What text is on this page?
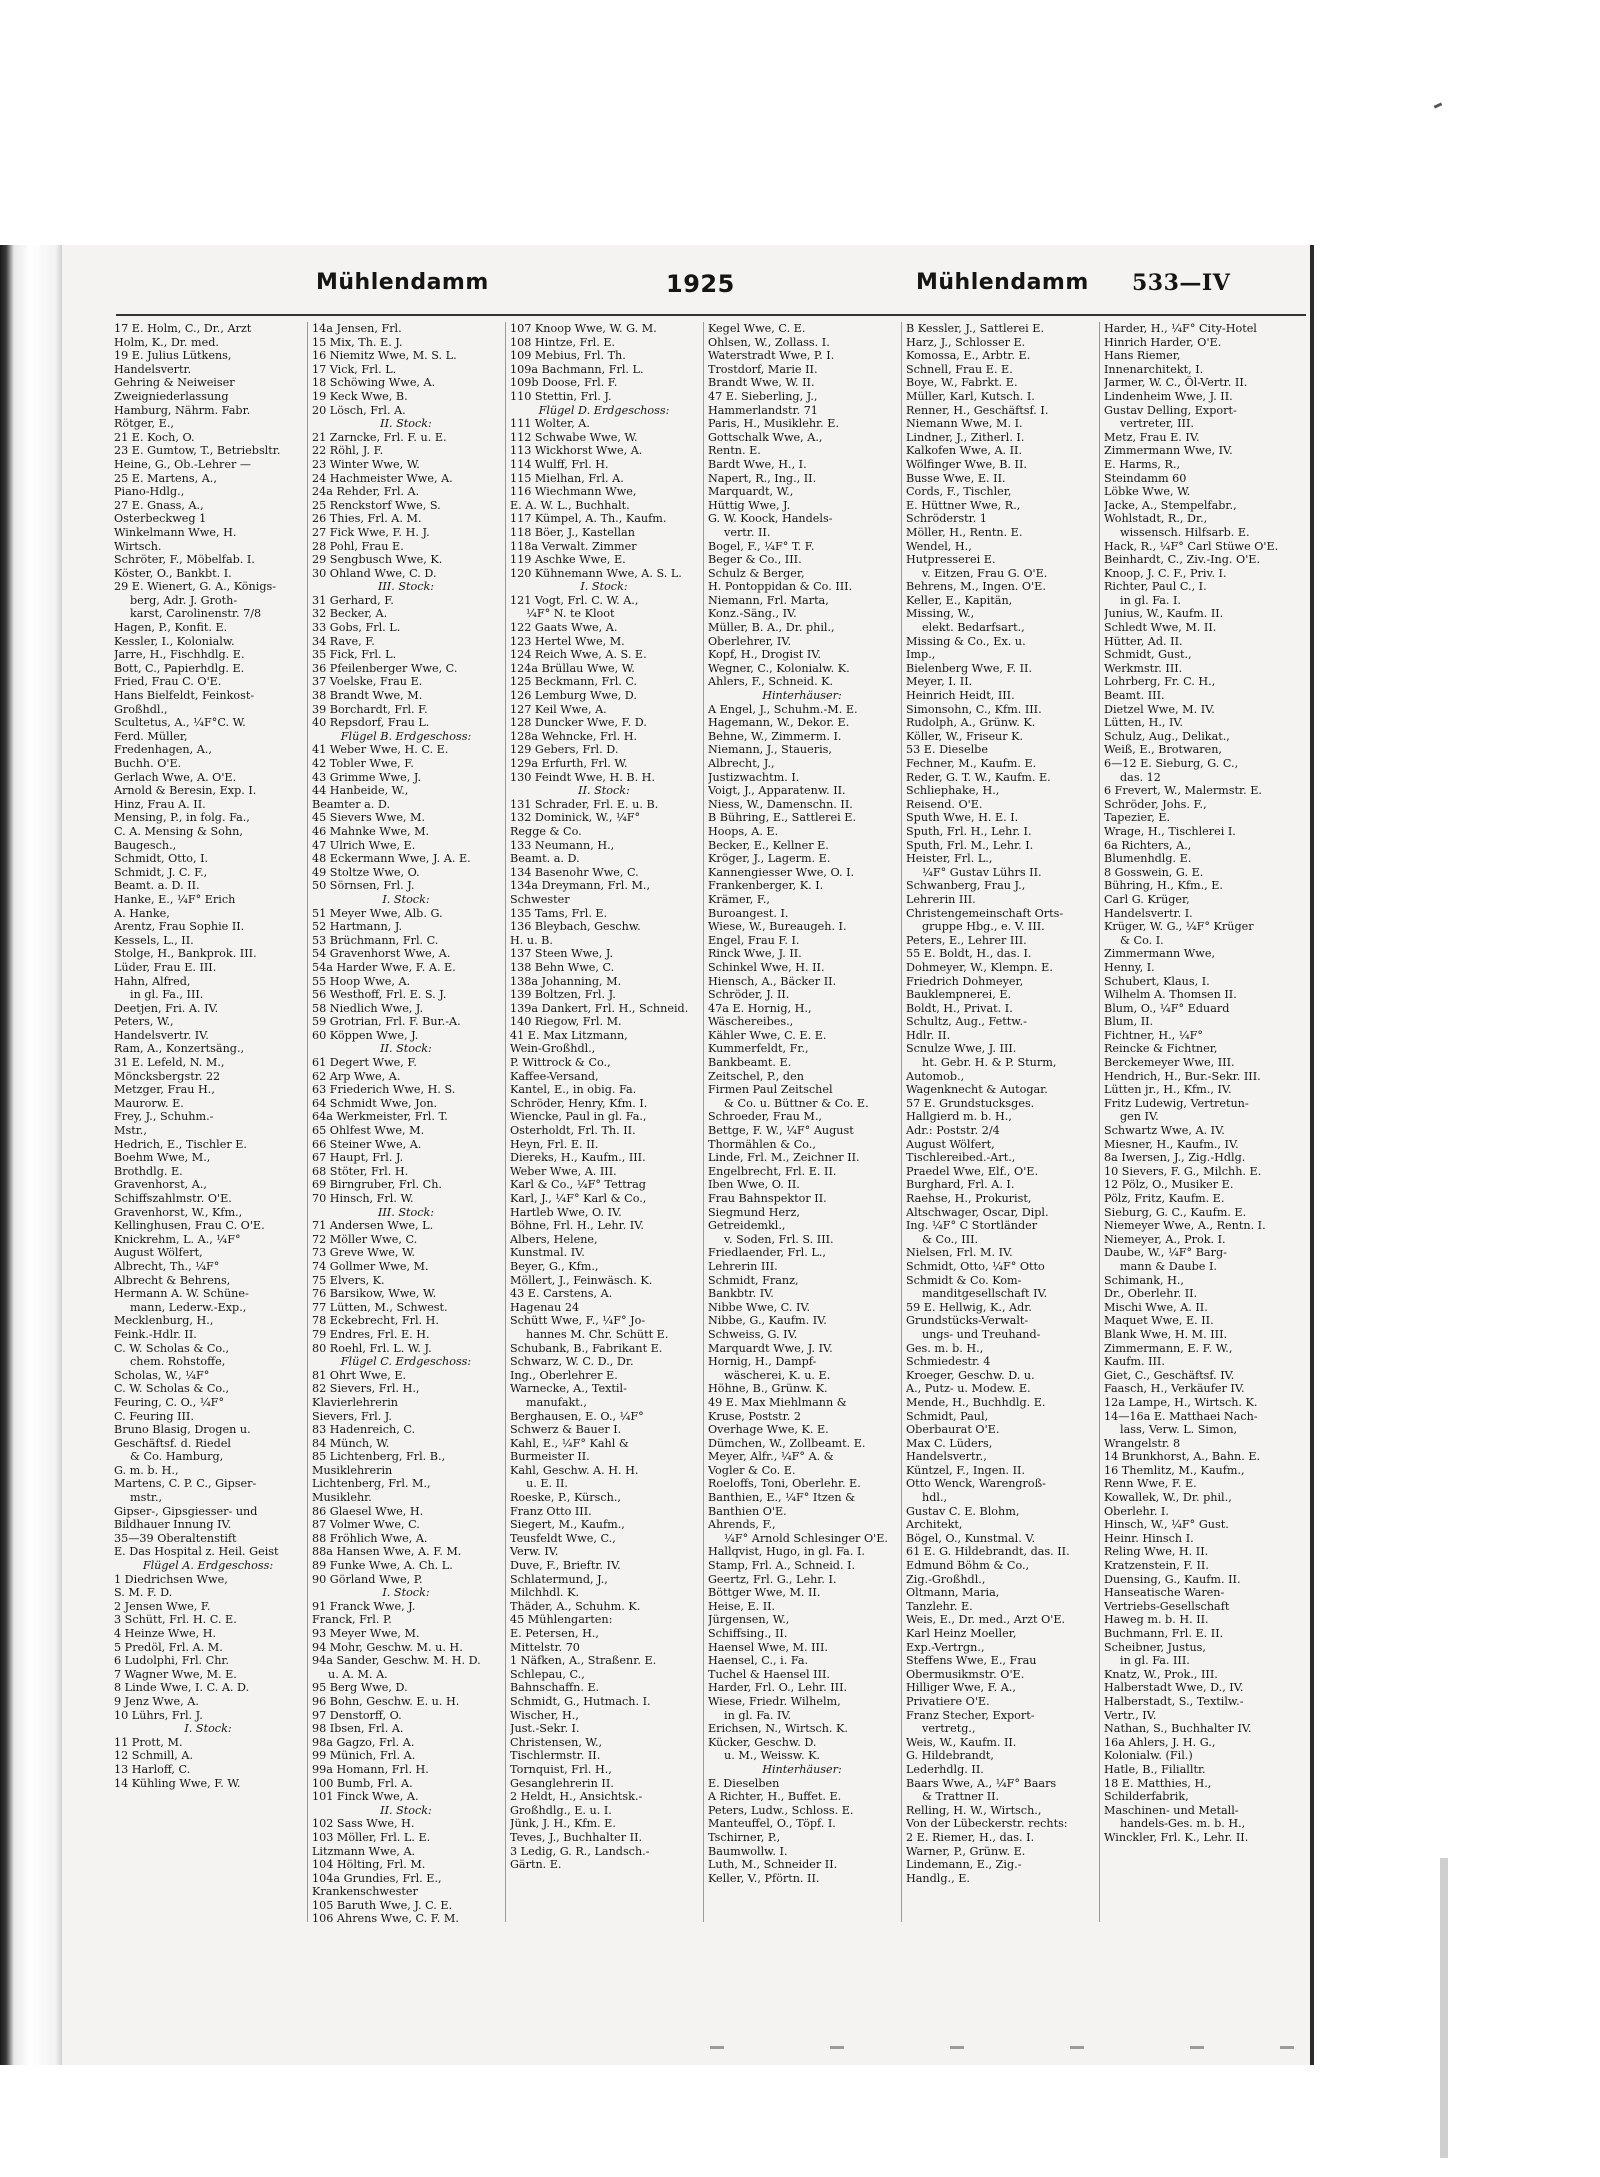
Mühlendamm	1925	Mühlendamm 533—IV
17 E. Holm, C., Dr., Arzt
Holm, K., Dr. med.
19 E. Julius Lütkens,
Handelsvertr.
Gehring & Neiweiser
Zweigniederlassung
Hamburg, Nährm. Fabr.
Rötger, E.,
21 E. Koch, O.
23 E. Gumtow, T., Betriebsltr.
Heine, G., Ob.-Lehrer —
25 E. Martens, A.,
Piano-Hdlg.,
27 E. Gnass, A.,
Osterbeckweg 1
Winkelmann Wwe, H.
Wirtsch.
Schröter, F., Möbelfab. I.
Köster, O., Bankbt. I.
29 E. Wienert, G. A., Königs-
berg, Adr. J. Groth-
karst, Carolinenstr. 7/8
Hagen, P., Konfit. E.
Kessler, I., Kolonialw.
Jarre, H., Fischhdlg. E.
Bott, C., Papierhdlg. E.
Fried, Frau C. O'E.
Hans Bielfeldt, Feinkost-
Großhdl.,
Scultetus, A., ¼F°C. W.
Ferd. Müller,
Fredenhagen, A.,
Buchh. O'E.
Gerlach Wwe, A. O'E.
Arnold & Beresin, Exp. I.
Hinz, Frau A. II.
Mensing, P., in folg. Fa.,
C. A. Mensing & Sohn,
Baugesch.,
Schmidt, Otto, I.
Schmidt, J. C. F.,
Beamt. a. D. II.
Hanke, E., ¼F° Erich
A. Hanke,
Arentz, Frau Sophie II.
Kessels, L., II.
Stolge, H., Bankprok. III.
Lüder, Frau E. III.
Hahn, Alfred,
in gl. Fa., III.
Deetjen, Fri. A. IV.
Peters, W.,
Handelsvertr. IV.
Ram, A., Konzertsäng.,
31 E. Lefeld, N. M.,
Möncksbergstr. 22
Metzger, Frau H.,
Maurorw. E.
Frey, J., Schuhm.-
Mstr.,
Hedrich, E., Tischler E.
Boehm Wwe, M.,
Brothdlg. E.
Gravenhorst, A.,
Schiffszahlmstr. O'E.
Gravenhorst, W., Kfm.,
Kellinghusen, Frau C. O'E.
Knickrehm, L. A., ¼F°
August Wölfert,
Albrecht, Th., ¼F°
Albrecht & Behrens,
Hermann A. W. Schüne-
mann, Lederw.-Exp.,
Mecklenburg, H.,
Feink.-Hdlr. II.
C. W. Scholas & Co.,
chem. Rohstoffe,
Scholas, W., ¼F°
C. W. Scholas & Co.,
Feuring, C. O., ¼F°
C. Feuring III.
Bruno Blasig, Drogen u.
Geschäftsf. d. Riedel
& Co. Hamburg,
G. m. b. H.,
Martens, C. P. C., Gipser-
mstr.,
Gipser-, Gipsgiesser- und
Bildhauer Innung IV.
35—39 Oberaltenstift
E. Das Hospital z. Heil. Geist
Flügel A. Erdgeschoss:
1 Diedrichsen Wwe,
S. M. F. D.
2 Jensen Wwe, F.
3 Schütt, Frl. H. C. E.
4 Heinze Wwe, H.
5 Predöl, Frl. A. M.
6 Ludolphi, Frl. Chr.
7 Wagner Wwe, M. E.
8 Linde Wwe, I. C. A. D.
9 Jenz Wwe, A.
10 Lührs, Frl. J.
I. Stock:
11 Prott, M.
12 Schmill, A.
13 Harloff, C.
14 Kühling Wwe, F. W.
14a Jensen, Frl.
15 Mix, Th. E. J.
16 Niemitz Wwe, M. S. L.
17 Vick, Frl. L.
18 Schöwing Wwe, A.
19 Keck Wwe, B.
20 Lösch, Frl. A.
II. Stock:
21 Zarncke, Frl. F. u. E.
22 Röhl, J. F.
23 Winter Wwe, W.
24 Hachmeister Wwe, A.
24a Rehder, Frl. A.
25 Renckstorf Wwe, S.
26 Thies, Frl. A. M.
27 Fick Wwe, F. H. J.
28 Pohl, Frau E.
29 Sengbusch Wwe, K.
30 Ohland Wwe, C. D.
III. Stock:
31 Gerhard, F.
32 Becker, A.
33 Gobs, Frl. L.
34 Rave, F.
35 Fick, Frl. L.
36 Pfeilenberger Wwe, C.
37 Voelske, Frau E.
38 Brandt Wwe, M.
39 Borchardt, Frl. F.
40 Repsdorf, Frau L.
Flügel B. Erdgeschoss:
41 Weber Wwe, H. C. E.
42 Tobler Wwe, F.
43 Grimme Wwe, J.
44 Hanbeide, W.,
Beamter a. D.
45 Sievers Wwe, M.
46 Mahnke Wwe, M.
47 Ulrich Wwe, E.
48 Eckermann Wwe, J. A. E.
49 Stoltze Wwe, O.
50 Sörnsen, Frl. J.
I. Stock:
51 Meyer Wwe, Alb. G.
52 Hartmann, J.
53 Brüchmann, Frl. C.
54 Gravenhorst Wwe, A.
54a Harder Wwe, F. A. E.
55 Hoop Wwe, A.
56 Westhoff, Frl. E. S. J.
58 Niedlich Wwe, J.
59 Grotrian, Frl. F. Bur.-A.
60 Köppen Wwe, J.
II. Stock:
61 Degert Wwe, F.
62 Arp Wwe, A.
63 Friederich Wwe, H. S.
64 Schmidt Wwe, Jon.
64a Werkmeister, Frl. T.
65 Ohlfest Wwe, M.
66 Steiner Wwe, A.
67 Haupt, Frl. J.
68 Stöter, Frl. H.
69 Birngruber, Frl. Ch.
70 Hinsch, Frl. W.
III. Stock:
71 Andersen Wwe, L.
72 Möller Wwe, C.
73 Greve Wwe, W.
74 Gollmer Wwe, M.
75 Elvers, K.
76 Barsikow, Wwe, W.
77 Lütten, M., Schwest.
78 Eckebrecht, Frl. H.
79 Endres, Frl. E. H.
80 Roehl, Frl. L. W. J.
Flügel C. Erdgeschoss:
81 Ohrt Wwe, E.
82 Sievers, Frl. H.,
Klavierlehrerin
Sievers, Frl. J.
83 Hadenreich, C.
84 Münch, W.
85 Lichtenberg, Frl. B.,
Musiklehrerin
Lichtenberg, Frl. M.,
Musiklehr.
86 Glaesel Wwe, H.
87 Volmer Wwe, C.
88 Fröhlich Wwe, A.
88a Hansen Wwe, A. F. M.
89 Funke Wwe, A. Ch. L.
90 Görland Wwe, P.
I. Stock:
91 Franck Wwe, J.
Franck, Frl. P.
93 Meyer Wwe, M.
94 Mohr, Geschw. M. u. H.
94a Sander, Geschw. M. H. D.
u. A. M. A.
95 Berg Wwe, D.
96 Bohn, Geschw. E. u. H.
97 Denstorff, O.
98 Ibsen, Frl. A.
98a Gagzo, Frl. A.
99 Münich, Frl. A.
99a Homann, Frl. H.
100 Bumb, Frl. A.
101 Finck Wwe, A.
II. Stock:
102 Sass Wwe, H.
103 Möller, Frl. L. E.
Litzmann Wwe, A.
104 Hölting, Frl. M.
104a Grundies, Frl. E.,
Krankenschwester
105 Baruth Wwe, J. C. E.
106 Ahrens Wwe, C. F. M.
107 Knoop Wwe, W. G. M.
108 Hintze, Frl. E.
109 Mebius, Frl. Th.
109a Bachmann, Frl. L.
109b Doose, Frl. F.
110 Stettin, Frl. J.
Flügel D. Erdgeschoss:
111 Wolter, A.
112 Schwabe Wwe, W.
113 Wickhorst Wwe, A.
114 Wulff, Frl. H.
115 Mielhan, Frl. A.
116 Wiechmann Wwe,
E. A. W. L., Buchhalt.
117 Kümpel, A. Th., Kaufm.
118 Böer, J., Kastellan
118a Verwalt. Zimmer
119 Aschke Wwe, E.
120 Kühnemann Wwe, A. S. L.
I. Stock:
121 Vogt, Frl. C. W. A.,
¼F° N. te Kloot
122 Gaats Wwe, A.
123 Hertel Wwe, M.
124 Reich Wwe, A. S. E.
124a Brüllau Wwe, W.
125 Beckmann, Frl. C.
126 Lemburg Wwe, D.
127 Keil Wwe, A.
128 Duncker Wwe, F. D.
128a Wehncke, Frl. H.
129 Gebers, Frl. D.
129a Erfurth, Frl. W.
130 Feindt Wwe, H. B. H.
II. Stock:
131 Schrader, Frl. E. u. B.
132 Dominick, W., ¼F°
Regge & Co.
133 Neumann, H.,
Beamt. a. D.
134 Basenohr Wwe, C.
134a Dreymann, Frl. M.,
Schwester
135 Tams, Frl. E.
136 Bleybach, Geschw.
H. u. B.
137 Steen Wwe, J.
138 Behn Wwe, C.
138a Johanning, M.
139 Boltzen, Frl. J.
139a Dankert, Frl. H., Schneid.
140 Riegow, Frl. M.
41 E. Max Litzmann,
Wein-Großhdl.,
P. Wittrock & Co.,
Kaffee-Versand,
Kantel, E., in obig. Fa.
Schröder, Henry, Kfm. I.
Wiencke, Paul in gl. Fa.,
Osterholdt, Frl. Th. II.
Heyn, Frl. E. II.
Diereks, H., Kaufm., III.
Weber Wwe, A. III.
Karl & Co., ¼F° Tettrag
Karl, J., ¼F° Karl & Co.,
Hartleb Wwe, O. IV.
Böhne, Frl. H., Lehr. IV.
Albers, Helene,
Kunstmal. IV.
Beyer, G., Kfm.,
Möllert, J., Feinwäsch. K.
43 E. Carstens, A.
Hagenau 24
Schütt Wwe, F., ¼F° Jo-
hannes M. Chr. Schütt E.
Schubank, B., Fabrikant E.
Schwarz, W. C. D., Dr.
Ing., Oberlehrer E.
Warnecke, A., Textil-
manufakt.,
Berghausen, E. O., ¼F°
Schwerz & Bauer I.
Kahl, E., ¼F° Kahl &
Burmeister II.
Kahl, Geschw. A. H. H.
u. E. II.
Roeske, P., Kürsch.,
Franz Otto III.
Siegert, M., Kaufm.,
Teusfeldt Wwe, C.,
Verw. IV.
Duve, F., Brieftr. IV.
Schlatermund, J.,
Milchhdl. K.
Thäder, A., Schuhm. K.
45 Mühlengarten:
E. Petersen, H.,
Mittelstr. 70
1 Näfken, A., Straßenr. E.
Schlepau, C.,
Bahnschaffn. E.
Schmidt, G., Hutmach. I.
Wischer, H.,
Just.-Sekr. I.
Christensen, W.,
Tischlermstr. II.
Tornquist, Frl. H.,
Gesanglehrerin II.
2 Heldt, H., Ansichtsk.-
Großhdlg., E. u. I.
Jünk, J. H., Kfm. E.
Teves, J., Buchhalter II.
3 Ledig, G. R., Landsch.-
Gärtn. E.
Kegel Wwe, C. E.
Ohlsen, W., Zollass. I.
Waterstradt Wwe, P. I.
Trostdorf, Marie II.
Brandt Wwe, W. II.
47 E. Sieberling, J.,
Hammerlandstr. 71
Paris, H., Musiklehr. E.
Gottschalk Wwe, A.,
Rentn. E.
Bardt Wwe, H., I.
Napert, R., Ing., II.
Marquardt, W.,
Hüttig Wwe, J.
G. W. Koock, Handels-
vertr. II.
Bogel, F., ¼F° T. F.
Beger & Co., III.
Schulz & Berger,
H. Pontoppidan & Co. III.
Niemann, Frl. Marta,
Konz.-Säng., IV.
Müller, B. A., Dr. phil.,
Oberlehrer, IV.
Kopf, H., Drogist IV.
Wegner, C., Kolonialw. K.
Ahlers, F., Schneid. K.
Hinterhäuser:
A Engel, J., Schuhm.-M. E.
Hagemann, W., Dekor. E.
Behne, W., Zimmerm. I.
Niemann, J., Staueris,
Albrecht, J.,
Justizwachtm. I.
Voigt, J., Apparatenw. II.
Niess, W., Damenschn. II.
B Bühring, E., Sattlerei E.
Hoops, A. E.
Becker, E., Kellner E.
Kröger, J., Lagerm. E.
Kannengiesser Wwe, O. I.
Frankenberger, K. I.
Krämer, F.,
Buroangest. I.
Wiese, W., Bureaugeh. I.
Engel, Frau F. I.
Rinck Wwe, J. II.
Schinkel Wwe, H. II.
Hiensch, A., Bäcker II.
Schröder, J. II.
47a E. Hornig, H.,
Wäschereibes.,
Kähler Wwe, C. E. E.
Kummerfeldt, Fr.,
Bankbeamt. E.
Zeitschel, P., den
Firmen Paul Zeitschel
& Co. u. Büttner & Co. E.
Schroeder, Frau M.,
Bettge, F. W., ¼F° August
Thormählen & Co.,
Linde, Frl. M., Zeichner II.
Engelbrecht, Frl. E. II.
Iben Wwe, O. II.
Frau Bahnspektor II.
Siegmund Herz,
Getreidemkl.,
v. Soden, Frl. S. III.
Friedlaender, Frl. L.,
Lehrerin III.
Schmidt, Franz,
Bankbtr. IV.
Nibbe Wwe, C. IV.
Nibbe, G., Kaufm. IV.
Schweiss, G. IV.
Marquardt Wwe, J. IV.
Hornig, H., Dampf-
wäscherei, K. u. E.
Höhne, B., Grünw. K.
49 E. Max Miehlmann &
Kruse, Poststr. 2
Overhage Wwe, K. E.
Dümchen, W., Zollbeamt. E.
Meyer, Alfr., ¼F° A. &
Vogler & Co. E.
Roeloffs, Toni, Oberlehr. E.
Banthien, E., ¼F° Itzen &
Banthien O'E.
Ahrends, F.,
¼F° Arnold Schlesinger O'E.
Hallqvist, Hugo, in gl. Fa. I.
Stamp, Frl. A., Schneid. I.
Geertz, Frl. G., Lehr. I.
Böttger Wwe, M. II.
Heise, E. II.
Jürgensen, W.,
Schiffsing., II.
Haensel Wwe, M. III.
Haensel, C., i. Fa.
Tuchel & Haensel III.
Harder, Frl. O., Lehr. III.
Wiese, Friedr. Wilhelm,
in gl. Fa. IV.
Erichsen, N., Wirtsch. K.
Kücker, Geschw. D.
u. M., Weissw. K.
Hinterhäuser:
E. Dieselben
A Richter, H., Buffet. E.
Peters, Ludw., Schloss. E.
Manteuffel, O., Töpf. I.
Tschirner, P.,
Baumwollw. I.
Luth, M., Schneider II.
Keller, V., Pförtn. II.
B Kessler, J., Sattlerei E.
Harz, J., Schlosser E.
Komossa, E., Arbtr. E.
Schnell, Frau E. E.
Boye, W., Fabrkt. E.
Müller, Karl, Kutsch. I.
Renner, H., Geschäftsf. I.
Niemann Wwe, M. I.
Lindner, J., Zitherl. I.
Kalkofen Wwe, A. II.
Wölfinger Wwe, B. II.
Busse Wwe, E. II.
Cords, F., Tischler,
E. Hüttner Wwe, R.,
Schröderstr. 1
Möller, H., Rentn. E.
Wendel, H.,
Hutpresserei E.
v. Eitzen, Frau G. O'E.
Behrens, M., Ingen. O'E.
Keller, E., Kapitän,
Missing, W.,
elekt. Bedarfsart.,
Missing & Co., Ex. u.
Imp.,
Bielenberg Wwe, F. II.
Meyer, I. II.
Heinrich Heidt, III.
Simonsohn, C., Kfm. III.
Rudolph, A., Grünw. K.
Köller, W., Friseur K.
53 E. Dieselbe
Fechner, M., Kaufm. E.
Reder, G. T. W., Kaufm. E.
Schliephake, H.,
Reisend. O'E.
Sputh Wwe, H. E. I.
Sputh, Frl. H., Lehr. I.
Sputh, Frl. M., Lehr. I.
Heister, Frl. L.,
¼F° Gustav Lührs II.
Schwanberg, Frau J.,
Lehrerin III.
Christengemeinschaft Orts-
gruppe Hbg., e. V. III.
Peters, E., Lehrer III.
55 E. Boldt, H., das. I.
Dohmeyer, W., Klempn. E.
Friedrich Dohmeyer,
Bauklempnerei, E.
Boldt, H., Privat. I.
Schultz, Aug., Fettw.-
Hdlr. II.
Scnulze Wwe, J. III.
ht. Gebr. H. & P. Sturm,
Automob.,
Wagenknecht & Autogar.
57 E. Grundstucksges.
Hallgierd m. b. H.,
Adr.: Poststr. 2/4
August Wölfert,
Tischlereibed.-Art.,
Praedel Wwe, Elf., O'E.
Burghard, Frl. A. I.
Raehse, H., Prokurist,
Altschwager, Oscar, Dipl.
Ing. ¼F° C Stortländer
& Co., III.
Nielsen, Frl. M. IV.
Schmidt, Otto, ¼F° Otto
Schmidt & Co. Kom-
manditgesellschaft IV.
59 E. Hellwig, K., Adr.
Grundstücks-Verwalt-
ungs- und Treuhand-
Ges. m. b. H.,
Schmiedestr. 4
Kroeger, Geschw. D. u.
A., Putz- u. Modew. E.
Mende, H., Buchhdlg. E.
Schmidt, Paul,
Oberbaurat O'E.
Max C. Lüders,
Handelsvertr.,
Küntzel, F., Ingen. II.
Otto Wenck, Warengroß-
hdl.,
Gustav C. E. Blohm,
Architekt,
Bögel, O., Kunstmal. V.
61 E. G. Hildebrandt, das. II.
Edmund Böhm & Co.,
Zig.-Großhdl.,
Oltmann, Maria,
Tanzlehr. E.
Weis, E., Dr. med., Arzt O'E.
Karl Heinz Moeller,
Exp.-Vertrgn.,
Steffens Wwe, E., Frau
Obermusikmstr. O'E.
Hilliger Wwe, F. A.,
Privatiere O'E.
Franz Stecher, Export-
vertretg.,
Weis, W., Kaufm. II.
G. Hildebrandt,
Lederhdlg. II.
Baars Wwe, A., ¼F° Baars
& Trattner II.
Relling, H. W., Wirtsch.,
Von der Lübeckerstr. rechts:
2 E. Riemer, H., das. I.
Warner, P., Grünw. E.
Lindemann, E., Zig.-
Handlg., E.
Harder, H., ¼F° City-Hotel
Hinrich Harder, O'E.
Hans Riemer,
Innenarchitekt, I.
Jarmer, W. C., Öl-Vertr. II.
Lindenheim Wwe, J. II.
Gustav Delling, Export-
vertreter, III.
Metz, Frau E. IV.
Zimmermann Wwe, IV.
E. Harms, R.,
Steindamm 60
Löbke Wwe, W.
Jacke, A., Stempelfabr.,
Wohlstadt, R., Dr.,
wissensch. Hilfsarb. E.
Hack, R., ¼F° Carl Stüwe O'E.
Beinhardt, C., Ziv.-Ing. O'E.
Knoop, J. C. F., Priv. I.
Richter, Paul C., I.
in gl. Fa. I.
Junius, W., Kaufm. II.
Schledt Wwe, M. II.
Hütter, Ad. II.
Schmidt, Gust.,
Werkmstr. III.
Lohrberg, Fr. C. H.,
Beamt. III.
Dietzel Wwe, M. IV.
Lütten, H., IV.
Schulz, Aug., Delikat.,
Weiß, E., Brotwaren,
6—12 E. Sieburg, G. C.,
das. 12
6 Frevert, W., Malermstr. E.
Schröder, Johs. F.,
Tapezier, E.
Wrage, H., Tischlerei I.
6a Richters, A.,
Blumenhdlg. E.
8 Gosswein, G. E.
Bühring, H., Kfm., E.
Carl G. Krüger,
Handelsvertr. I.
Krüger, W. G., ¼F° Krüger
& Co. I.
Zimmermann Wwe,
Henny, I.
Schubert, Klaus, I.
Wilhelm A. Thomsen II.
Blum, O., ¼F° Eduard
Blum, II.
Fichtner, H., ¼F°
Reincke & Fichtner,
Berckemeyer Wwe, III.
Hendrich, H., Bur.-Sekr. III.
Lütten jr., H., Kfm., IV.
Fritz Ludewig, Vertretun-
gen IV.
Schwartz Wwe, A. IV.
Miesner, H., Kaufm., IV.
8a Iwersen, J., Zig.-Hdlg.
10 Sievers, F. G., Milchh. E.
12 Pölz, O., Musiker E.
Pölz, Fritz, Kaufm. E.
Sieburg, G. C., Kaufm. E.
Niemeyer Wwe, A., Rentn. I.
Niemeyer, A., Prok. I.
Daube, W., ¼F° Barg-
mann & Daube I.
Schimank, H.,
Dr., Oberlehr. II.
Mischi Wwe, A. II.
Maquet Wwe, E. II.
Blank Wwe, H. M. III.
Zimmermann, E. F. W.,
Kaufm. III.
Giet, C., Geschäftsf. IV.
Faasch, H., Verkäufer IV.
12a Lampe, H., Wirtsch. K.
14—16a E. Matthaei Nach-
lass, Verw. L. Simon,
Wrangelstr. 8
14 Brunkhorst, A., Bahn. E.
16 Themlitz, M., Kaufm.,
Renn Wwe, F. E.
Kowallek, W., Dr. phil.,
Oberlehr. I.
Hinsch, W., ¼F° Gust.
Heinr. Hinsch I.
Reling Wwe, H. II.
Kratzenstein, F. II.
Duensing, G., Kaufm. II.
Hanseatische Waren-
Vertriebs-Gesellschaft
Haweg m. b. H. II.
Buchmann, Frl. E. II.
Scheibner, Justus,
in gl. Fa. III.
Knatz, W., Prok., III.
Halberstadt Wwe, D., IV.
Halberstadt, S., Textilw.-
Vertr., IV.
Nathan, S., Buchhalter IV.
16a Ahlers, J. H. G.,
Kolonialw. (Fil.)
Hatle, B., Filialltr.
18 E. Matthies, H.,
Schilderfabrik,
Maschinen- und Metall-
handels-Ges. m. b. H.,
Winckler, Frl. K., Lehr. II.
